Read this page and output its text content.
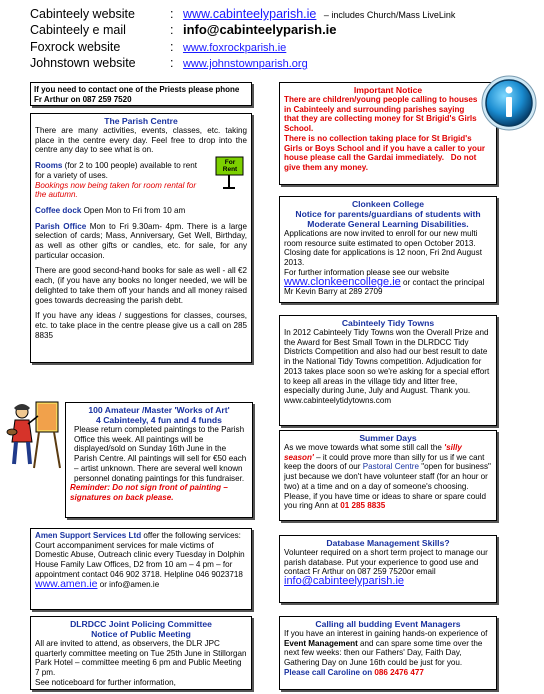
Cabinteely website	: www.cabinteelyparish.ie – includes Church/Mass LiveLink
Cabinteely e mail	: info@cabinteelyparish.ie
Foxrock website	: www.foxrockparish.ie
Johnstown website	: www.johnstownparish.org

If you need to contact one of the Priests please phone Fr Arthur on 087 259 7520

The Parish Centre

There are many activities, events, classes, etc. taking place in the centre every day. Feel free to drop into the centre any day to see what is on.

Rooms (for 2 to 100 people) available to rent for a variety of uses.

Bookings now being taken for room rental for the autumn.

For Rent

Coffee dock Open Mon to Fri from 10 am

Parish Office Mon to Fri 9.30am- 4pm. There is a large selection of cards; Mass, Anniversary, Get Well, Birthday, as well as other gifts or candles, etc. for sale, for any particular occasion.

There are good second-hand books for sale as well - all €2 each, (if you have any books no longer needed, we will be delighted to take them off your hands and all money raised goes towards decreasing the parish debt.

If you have any ideas / suggestions for classes, courses, etc. to take place in the centre please give us a call on 285 8835

Important Notice

There are children/young people calling to houses in Cabinteely and surrounding parishes saying that they are collecting money for St Brigid's Girls School.

There is no collection taking place for St Brigid's Girls or Boys School and if you have a caller to your house please call the Gardai immediately. Do not give them any money.

Clonkeen College
Notice for parents/guardians of students with Moderate General Learning Disabilities.

Applications are now invited to enroll for our new multi room resource suite estimated to open October 2013. Closing date for applications is 12 noon, Fri 2nd August 2013.

For further information please see our website

www.clonkeencollege.ie or contact the principal Mr Kevin Barry at 289 2709

Cabinteely Tidy Towns

In 2012 Cabinteely Tidy Towns won the Overall Prize and the Award for Best Small Town in the DLRDCC Tidy Districts Competition and also had our best result to date in the National Tidy Towns competition. Adjudication for 2013 takes place soon so we're asking for a special effort to keep all areas in the village tidy and litter free, especially during June, July and August. Thank you.

www.cabinteelytidytowns.com

100 Amateur /Master 'Works of Art'
4 Cabinteely, 4 fun and 4 funds

Please return completed paintings to the Parish Office this week. All paintings will be displayed/sold on Sunday 16th June in the Parish Centre. All paintings will sell for €50 each – artist unknown. There are several well known personnel donating paintings for this fundraiser.

Reminder: Do not sign front of painting – signatures on back please.

Summer Days

As we move towards what some still call the 'silly season' – it could prove more than silly for us if we cant keep the doors of our Pastoral Centre "open for business" just because we don't have volunteer staff (for an hour or two) at a time and on a day of someone's choosing.

Please, if you have time or ideas to share or spare could you ring Ann at 01 285 8835

Amen Support Services Ltd offer the following services: Court accompaniment services for male victims of Domestic Abuse, Outreach clinic every Tuesday in Dolphin House Family Law Offices, D2 from 10 am – 4 pm – for appointment contact 046 902 3718. Helpline 046 9023718 www.amen.ie or info@amen.ie

Database Management Skills?

Volunteer required on a short term project to manage our parish database. Put your experience to good use and contact Fr Arthur on 087 259 7520or email

info@cabinteelyparish.ie

DLRDCC Joint Policing Committee
Notice of Public Meeting

All are invited to attend, as observers, the DLR JPC quarterly committee meeting on Tue 25th June in Stillorgan Park Hotel – committee meeting 6 pm and Public Meeting 7 pm.

See noticeboard for further information,

Calling all budding Event Managers

If you have an interest in gaining hands-on experience of Event Management and can spare some time over the next few weeks: then our Fathers' Day, Faith Day, Gathering Day on June 16th could be just for you.

Please call Caroline on 086 2476 477
